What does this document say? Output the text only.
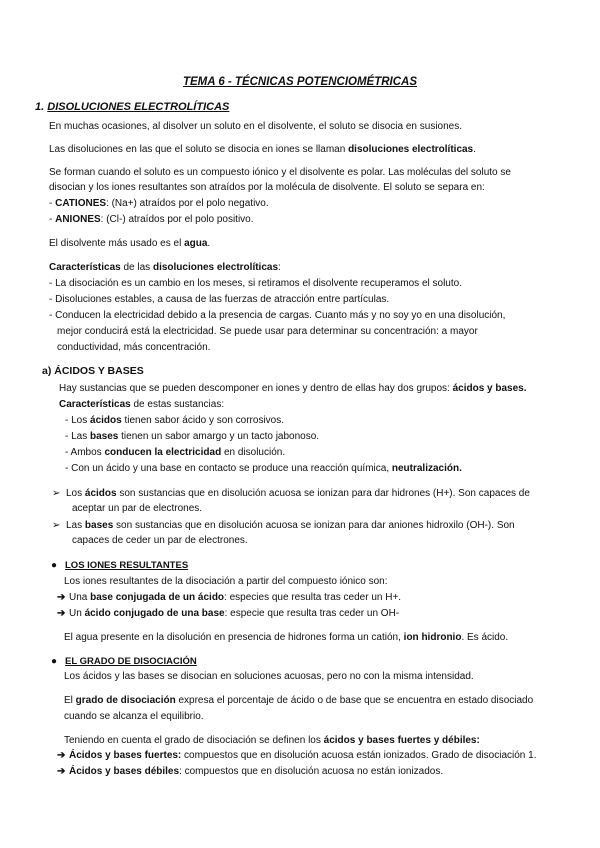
TEMA 6 - TÉCNICAS POTENCIOMÉTRICAS
1. DISOLUCIONES ELECTROLÍTICAS
En muchas ocasiones, al disolver un soluto en el disolvente, el soluto se disocia en susiones.
Las disoluciones en las que el soluto se disocia en iones se llaman disoluciones electrolíticas.
Se forman cuando el soluto es un compuesto iónico y el disolvente es polar. Las moléculas del soluto se
disocian y los iones resultantes son atraídos por la molécula de disolvente. El soluto se separa en:
- CATIONES: (Na+) atraídos por el polo negativo.
- ANIONES: (Cl-) atraídos por el polo positivo.
El disolvente más usado es el agua.
Características de las disoluciones electrolíticas:
- La disociación es un cambio en los meses, si retiramos el disolvente recuperamos el soluto.
- Disoluciones estables, a causa de las fuerzas de atracción entre partículas.
- Conducen la electricidad debido a la presencia de cargas. Cuanto más y no soy yo en una disolución,
mejor conducirá está la electricidad. Se puede usar para determinar su concentración: a mayor
conductividad, más concentración.
a) ÁCIDOS Y BASES
Hay sustancias que se pueden descomponer en iones y dentro de ellas hay dos grupos: ácidos y bases.
Características de estas sustancias:
- Los ácidos tienen sabor ácido y son corrosivos.
- Las bases tienen un sabor amargo y un tacto jabonoso.
- Ambos conducen la electricidad en disolución.
- Con un ácido y una base en contacto se produce una reacción química, neutralización.
➢ Los ácidos son sustancias que en disolución acuosa se ionizan para dar hidrones (H+). Son capaces de
aceptar un par de electrones.
➢ Las bases son sustancias que en disolución acuosa se ionizan para dar aniones hidroxilo (OH-). Son
capaces de ceder un par de electrones.
● LOS IONES RESULTANTES
Los iones resultantes de la disociación a partir del compuesto iónico son:
➔ Una base conjugada de un ácido: especies que resulta tras ceder un H+.
➔ Un ácido conjugado de una base: especie que resulta tras ceder un OH-
El agua presente en la disolución en presencia de hidrones forma un catión, ion hidronio. Es ácido.
● EL GRADO DE DISOCIACIÓN
Los ácidos y las bases se disocian en soluciones acuosas, pero no con la misma intensidad.
El grado de disociación expresa el porcentaje de ácido o de base que se encuentra en estado disociado
cuando se alcanza el equilibrio.
Teniendo en cuenta el grado de disociación se definen los ácidos y bases fuertes y débiles:
➔ Ácidos y bases fuertes: compuestos que en disolución acuosa están ionizados. Grado de disociación 1.
➔ Ácidos y bases débiles: compuestos que en disolución acuosa no están ionizados.
